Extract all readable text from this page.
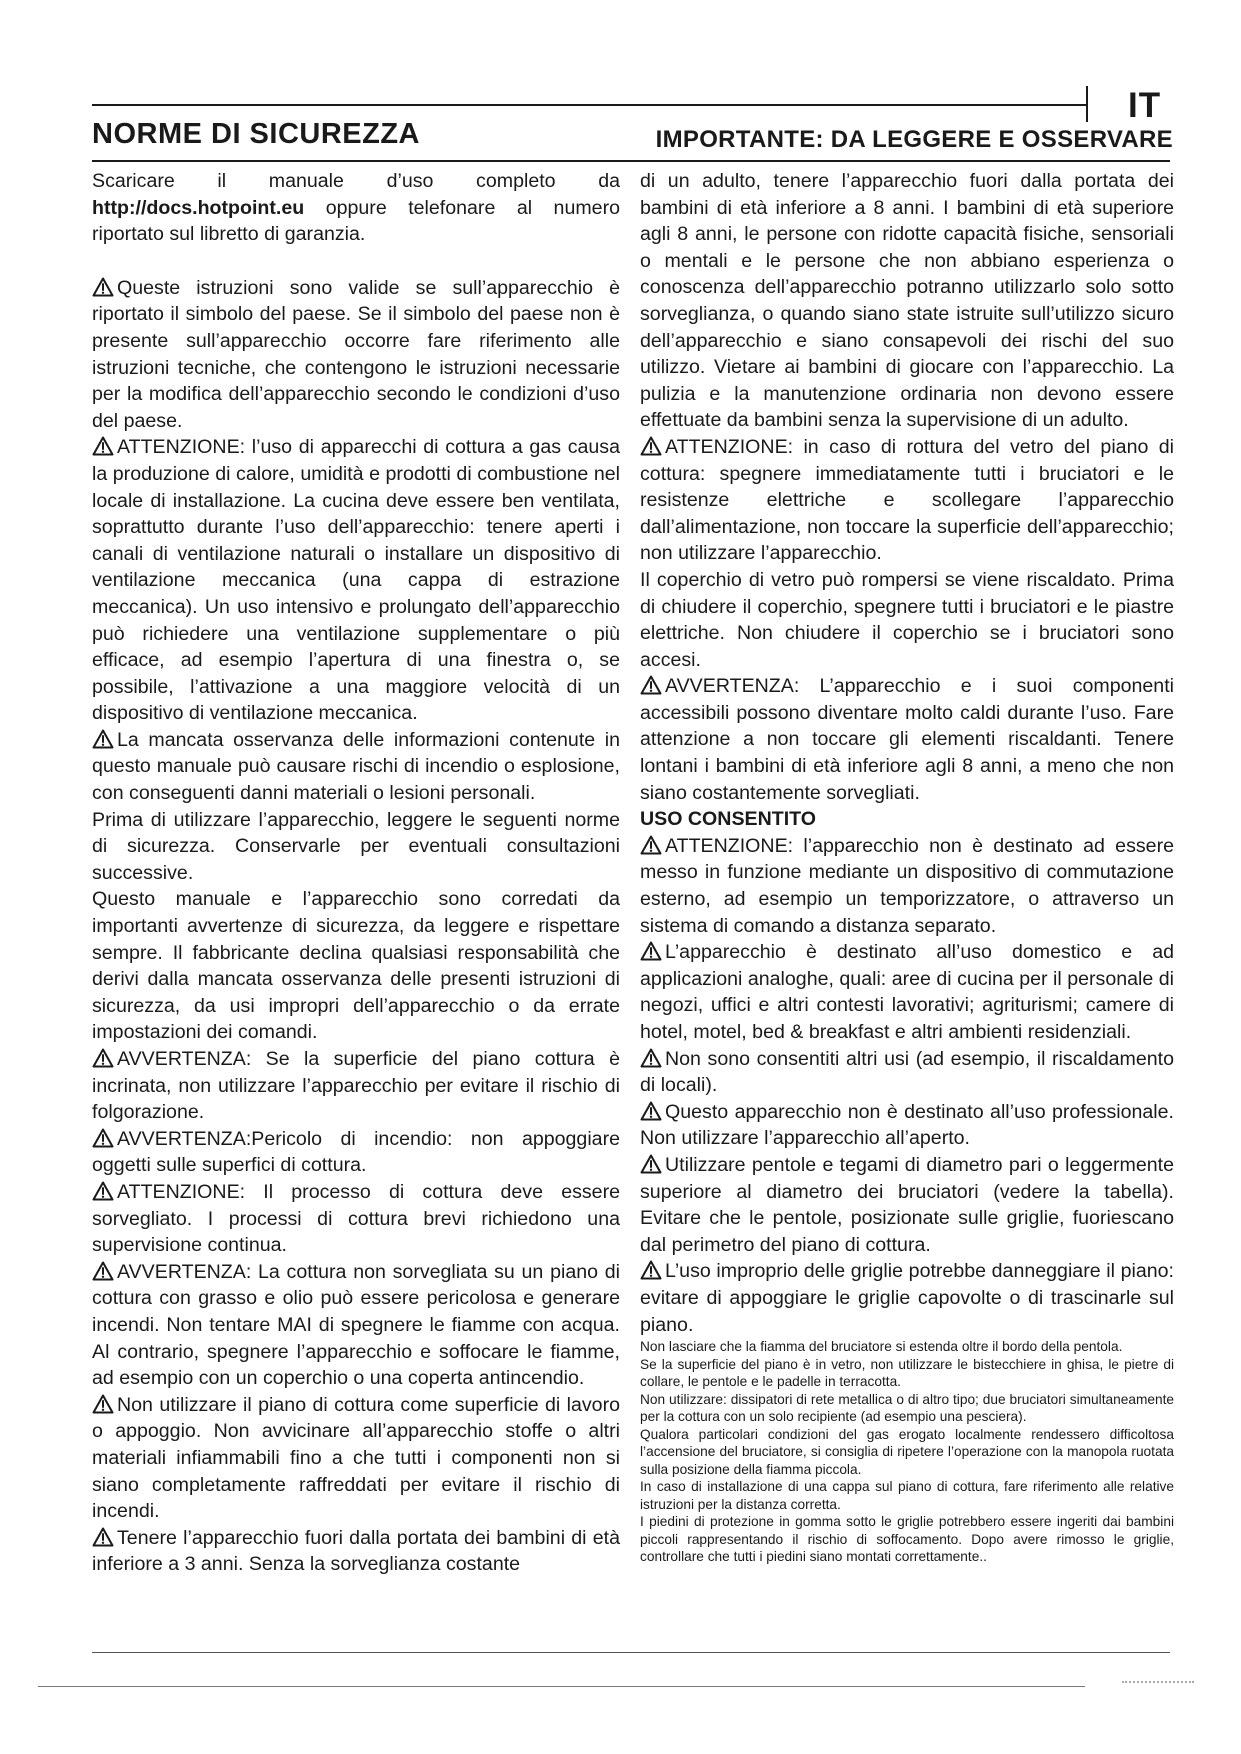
IT
NORME DI SICUREZZA	IMPORTANTE: DA LEGGERE E OSSERVARE

Scaricare il manuale d’uso completo da http://docs.hotpoint.eu oppure telefonare al numero riportato sul libretto di garanzia.

Queste istruzioni sono valide se sull’apparecchio è riportato il simbolo del paese. Se il simbolo del paese non è presente sull’apparecchio occorre fare riferimento alle istruzioni tecniche, che contengono le istruzioni necessarie per la modifica dell’apparecchio secondo le condizioni d’uso del paese.

ATTENZIONE: l’uso di apparecchi di cottura a gas causa la produzione di calore, umidità e prodotti di combustione nel locale di installazione. La cucina deve essere ben ventilata, soprattutto durante l’uso dell’apparecchio: tenere aperti i canali di ventilazione naturali o installare un dispositivo di ventilazione meccanica (una cappa di estrazione meccanica). Un uso intensivo e prolungato dell’apparecchio può richiedere una ventilazione supplementare o più efficace, ad esempio l’apertura di una finestra o, se possibile, l’attivazione a una maggiore velocità di un dispositivo di ventilazione meccanica.

La mancata osservanza delle informazioni contenute in questo manuale può causare rischi di incendio o esplosione, con conseguenti danni materiali o lesioni personali.

Prima di utilizzare l’apparecchio, leggere le seguenti norme di sicurezza. Conservarle per eventuali consultazioni successive.

Questo manuale e l’apparecchio sono corredati da importanti avvertenze di sicurezza, da leggere e rispettare sempre. Il fabbricante declina qualsiasi responsabilità che derivi dalla mancata osservanza delle presenti istruzioni di sicurezza, da usi impropri dell’apparecchio o da errate impostazioni dei comandi.

AVVERTENZA: Se la superficie del piano cottura è incrinata, non utilizzare l’apparecchio per evitare il rischio di folgorazione.

AVVERTENZA:Pericolo di incendio: non appoggiare oggetti sulle superfici di cottura.

ATTENZIONE: Il processo di cottura deve essere sorvegliato. I processi di cottura brevi richiedono una supervisione continua.

AVVERTENZA: La cottura non sorvegliata su un piano di cottura con grasso e olio può essere pericolosa e generare incendi. Non tentare MAI di spegnere le fiamme con acqua. Al contrario, spegnere l’apparecchio e soffocare le fiamme, ad esempio con un coperchio o una coperta antincendio.

Non utilizzare il piano di cottura come superficie di lavoro o appoggio. Non avvicinare all’apparecchio stoffe o altri materiali infiammabili fino a che tutti i componenti non si siano completamente raffreddati per evitare il rischio di incendi.

Tenere l’apparecchio fuori dalla portata dei bambini di età inferiore a 3 anni. Senza la sorveglianza costante

di un adulto, tenere l’apparecchio fuori dalla portata dei bambini di età inferiore a 8 anni. I bambini di età superiore agli 8 anni, le persone con ridotte capacità fisiche, sensoriali o mentali e le persone che non abbiano esperienza o conoscenza dell’apparecchio potranno utilizzarlo solo sotto sorveglianza, o quando siano state istruite sull’utilizzo sicuro dell’apparecchio e siano consapevoli dei rischi del suo utilizzo. Vietare ai bambini di giocare con l’apparecchio. La pulizia e la manutenzione ordinaria non devono essere effettuate da bambini senza la supervisione di un adulto.

ATTENZIONE: in caso di rottura del vetro del piano di cottura: spegnere immediatamente tutti i bruciatori e le resistenze elettriche e scollegare l’apparecchio dall’alimentazione, non toccare la superficie dell’apparecchio; non utilizzare l’apparecchio.

Il coperchio di vetro può rompersi se viene riscaldato. Prima di chiudere il coperchio, spegnere tutti i bruciatori e le piastre elettriche. Non chiudere il coperchio se i bruciatori sono accesi.

AVVERTENZA: L’apparecchio e i suoi componenti accessibili possono diventare molto caldi durante l’uso. Fare attenzione a non toccare gli elementi riscaldanti. Tenere lontani i bambini di età inferiore agli 8 anni, a meno che non siano costantemente sorvegliati.

USO CONSENTITO

ATTENZIONE: l’apparecchio non è destinato ad essere messo in funzione mediante un dispositivo di commutazione esterno, ad esempio un temporizzatore, o attraverso un sistema di comando a distanza separato.

L’apparecchio è destinato all’uso domestico e ad applicazioni analoghe, quali: aree di cucina per il personale di negozi, uffici e altri contesti lavorativi; agriturismi; camere di hotel, motel, bed & breakfast e altri ambienti residenziali.

Non sono consentiti altri usi (ad esempio, il riscaldamento di locali).

Questo apparecchio non è destinato all’uso professionale. Non utilizzare l’apparecchio all’aperto.

Utilizzare pentole e tegami di diametro pari o leggermente superiore al diametro dei bruciatori (vedere la tabella). Evitare che le pentole, posizionate sulle griglie, fuoriescano dal perimetro del piano di cottura.

L’uso improprio delle griglie potrebbe danneggiare il piano: evitare di appoggiare le griglie capovolte o di trascinarle sul piano.

Non lasciare che la fiamma del bruciatore si estenda oltre il bordo della pentola.

Se la superficie del piano è in vetro, non utilizzare le bistecchiere in ghisa, le pietre di collare, le pentole e le padelle in terracotta.

Non utilizzare: dissipatori di rete metallica o di altro tipo; due bruciatori simultaneamente per la cottura con un solo recipiente (ad esempio una pesciera).

Qualora particolari condizioni del gas erogato localmente rendessero difficoltosa l’accensione del bruciatore, si consiglia di ripetere l’operazione con la manopola ruotata sulla posizione della fiamma piccola.

In caso di installazione di una cappa sul piano di cottura, fare riferimento alle relative istruzioni per la distanza corretta.

I piedini di protezione in gomma sotto le griglie potrebbero essere ingeriti dai bambini piccoli rappresentando il rischio di soffocamento. Dopo avere rimosso le griglie, controllare che tutti i piedini siano montati correttamente..
